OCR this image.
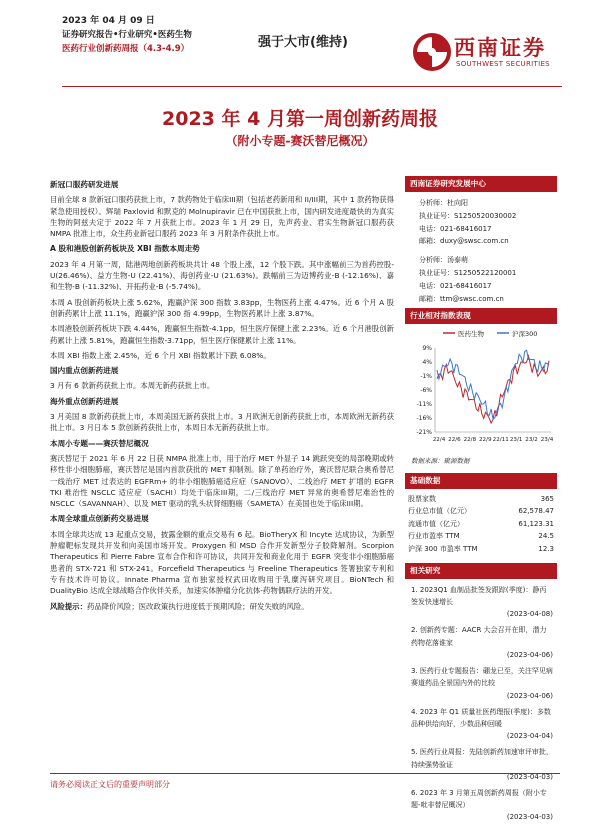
2023 年 04 月 09 日
证券研究报告•行业研究•医药生物
医药行业创新药周报（4.3-4.9）	强于大市(维持)	西南证券
SOUTHWEST SECURITIES
2023 年 4 月第一周创新药周报
（附小专题-赛沃替尼概况）
新冠口服药研发进展
目前全球 8 款新冠口服药获批上市，7 款药物处于临床III期（包括老药新用和 II/III期，其中 1 款药物获得紧急使用授权）。辉瑞 Paxlovid 和默克的 Molnupiravir 已在中国获批上市，国内研发进度最快的为真实生物的阿兹夫定于 2022 年 7 月获批上市。2023 年 1 月 29 日，先声药业、君实生物新冠口服药获 NMPA 批准上市，众生药业新冠口服药 2023 年 3 月附条件获批上市。
A 股和港股创新药板块及 XBI 指数本周走势
2023 年 4 月第一周，陆港两地创新药板块共计 48 个股上涨，12 个股下跌。其中涨幅前三为首药控股-U(26.46%)、益方生物-U (22.41%)、海创药业-U (21.63%)。跌幅前三为迈博药业-B (-12.16%)、嘉和生物-B (-11.32%)、开拓药业-B (-5.74%)。
本周 A 股创新药板块上涨 5.62%，跑赢沪深 300 指数 3.83pp，生物医药上涨 4.47%。近 6 个月 A 股创新药累计上涨 11.1%，跑赢沪深 300 指 4.99pp，生物医药累计上涨 3.87%。
本周港股创新药板块下跌 4.44%，跑赢恒生指数-4.1pp，恒生医疗保健上涨 2.23%。近 6 个月港股创新药累计上涨 5.81%，跑赢恒生指数-3.71pp，恒生医疗保健累计上涨 11%。
本周 XBI 指数上涨 2.45%，近 6 个月 XBI 指数累计下跌 6.08%。
国内重点创新药进展
3 月有 6 款新药获批上市。本周无新药获批上市。
海外重点创新药进展
3 月美国 8 款新药获批上市，本周美国无新药获批上市。3 月欧洲无创新药获批上市，本周欧洲无新药获批上市。3 月日本 5 款创新药获批上市，本周日本无新药获批上市。
本周小专题——赛沃替尼概况
赛沃替尼于 2021 年 6 月 22 日获 NMPA 批准上市，用于治疗 MET 外显子 14 跳跃突变的局部晚期或转移性非小细胞肺癌，赛沃替尼是国内首款获批的 MET 抑制剂。除了单药治疗外，赛沃替尼联合奥希替尼一线治疗 MET 过表达的 EGFRm+ 的非小细胞肺癌适应症（SANOVO）、二线治疗 MET 扩增的 EGFR TKI 难治性 NSCLC 适应症（SACHI）均处于临床III期，二/三线治疗 MET 异常的奥希替尼难治性的 NSCLC（SAVANNAH）、以及 MET 驱动的乳头状肾细胞癌（SAMETA）在美国也处于临床III期。
本周全球重点创新药交易进展
本周全球共达成 13 起重点交易，披露金额的重点交易有 6 起。BioTheryX 和 Incyte 达成协议，为新型肿瘤靶标发现共开发和向美国市场开发。Proxygen 和 MSD 合作开发新型分子胶降解剂。Scorpion Therapeutics 和 Pierre Fabre 宣布合作和许可协议，共同开发和商业化用于 EGFR 突变非小细胞肺癌患者的 STX-721 和 STX-241。Forcefield Therapeutics 与 Freeline Therapeutics 签署独家专利和专有技术许可协议。Innate Pharma 宣布独家授权武田收购用于乳糜泻研究项目。BioNTech 和 DualityBio 达成全球战略合作伙伴关系，加速实体肿瘤分化抗体-药物偶联疗法的开发。
风险提示：药品降价风险；医改政策执行进度低于预期风险；研发失败的风险。
西南证券研究发展中心
分析师：杜向阳
执业证号：S1250520030002
电话：021-68416017
邮箱：duxy@swsc.com.cn
分析师：汤泰萌
执业证号：S1250522120001
电话：021-68416017
邮箱：ttm@swsc.com.cn
行业相对指数表现
医药生物	沪深300
9%
4%
-1%
-6%
-11%
-16%
-21%
22/4 22/6 22/8 22/9 22/11 23/1 23/2 23/4
数据来源：聚源数据
基础数据
股票家数	365
行业总市值（亿元）	62,578.47
流通市值（亿元）	61,123.31
行业市盈率 TTM	24.5
沪深 300 市盈率 TTM	12.3
相关研究
1. 2023Q1 血制品批签发跟踪(季度)：静丙签发快速增长
(2023-04-08)
2. 创新药专题：AACR 大会召开在即，潜力药物花落谁家
(2023-04-06)
3. 医药行业专题报告：硼龙已至，关注罕见病赛道药品全景国内外的比较
(2023-04-06)
4. 2023 年 Q1 质量社医药理报(季度)：多数品种供给向好，少数品种回暖
(2023-04-04)
5. 医药行业周报：先陆创新药加速审评审批，持续强势验证
(2023-04-03)
6. 2023 年 3 月第五周创新药周报（附小专题-吡非替尼概况）
(2023-04-03)
请务必阅读正文后的重要声明部分
